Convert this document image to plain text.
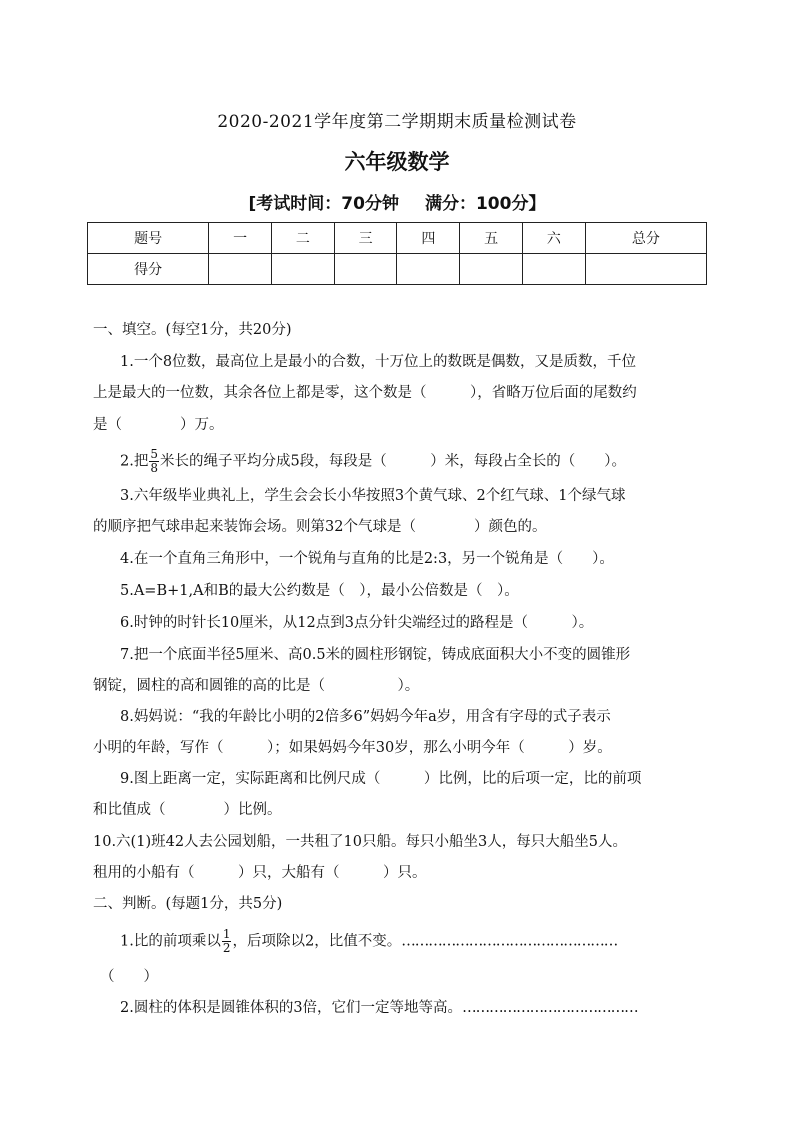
2020-2021学年度第二学期期末质量检测试卷
六年级数学
[考试时间：70分钟 满分：100分】
题号	一	二	三	四	五	六	总分
得分							
一、填空。(每空1分，共20分)
1.一个8位数，最高位上是最小的合数，十万位上的数既是偶数，又是质数，千位
上是最大的一位数，其余各位上都是零，这个数是（　　　），省略万位后面的尾数约
是（　　　　）万。
2.把 $\frac{5}{8}$ 米长的绳子平均分成5段，每段是（　　　）米，每段占全长的（　　）。
3.六年级毕业典礼上，学生会会长小华按照3个黄气球、2个红气球、1个绿气球
的顺序把气球串起来装饰会场。则第32个气球是（　　　　）颜色的。
4.在一个直角三角形中，一个锐角与直角的比是2:3，另一个锐角是（　　）。
5.A=B+1,A和B的最大公约数是（　），最小公倍数是（　）。
6.时钟的时针长10厘米，从12点到3点分针尖端经过的路程是（　　　）。
7.把一个底面半径5厘米、高0.5米的圆柱形钢锭，铸成底面积大小不变的圆锥形
钢锭，圆柱的高和圆锥的高的比是（　　　　　）。
8.妈妈说：“我的年龄比小明的2倍多6”妈妈今年a岁，用含有字母的式子表示
小明的年龄，写作（　　　）；如果妈妈今年30岁，那么小明今年（　　　）岁。
9.图上距离一定，实际距离和比例尺成（　　　）比例，比的后项一定，比的前项
和比值成（　　　　）比例。
10.六(1)班42人去公园划船，一共租了10只船。每只小船坐3人，每只大船坐5人。
租用的小船有（　　　）只，大船有（　　　）只。
二、判断。(每题1分，共5分)
1.比的前项乘以 $\frac{1}{2}$ ，后项除以2，比值不变。…………………………………………
（　　）
2.圆柱的体积是圆锥体积的3倍，它们一定等地等高。…………………………………
